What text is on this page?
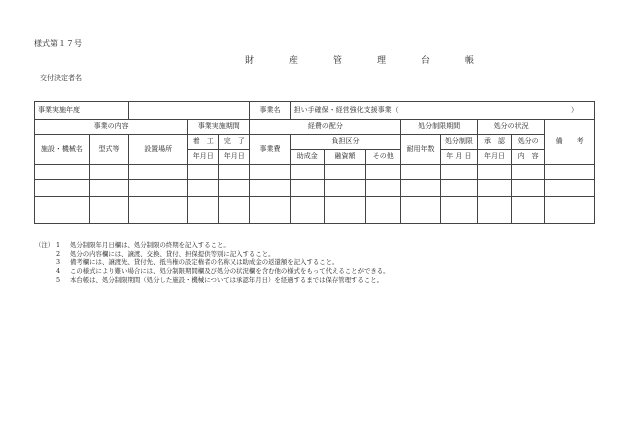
様式第１７号
財　産　管　理　台　帳
交付決定者名
事業実施年度					事業名	担い手確保・経営強化支援事業（ ）							

事業の内容			事業実施期間		経費の配分				処分制限期間		処分の状況		備　　考
施設・機械名	型式等	設置場所	着　工	完　了	事業費	負担区分			耐用年数	処分制限	承　認	処分の	
			年月日	年月日		助成金	融資額	その他		年 月 日	年月日	内　容	

（注） 1	処分制限年月日欄は、処分制限の終期を記入すること。
2	処分の内容欄には、譲渡、交換、貸付、担保提供等別に記入すること。
3	備考欄には、譲渡先、貸付先、抵当権の設定権者の名称又は助成金の返還額を記入すること。
4	この様式により難い場合には、処分制限期間欄及び処分の状況欄を含む他の様式をもって代えることができる。
5	本台帳は、処分制限期間（処分した施設・機械については承認年月日）を経過するまでは保存管理すること。
